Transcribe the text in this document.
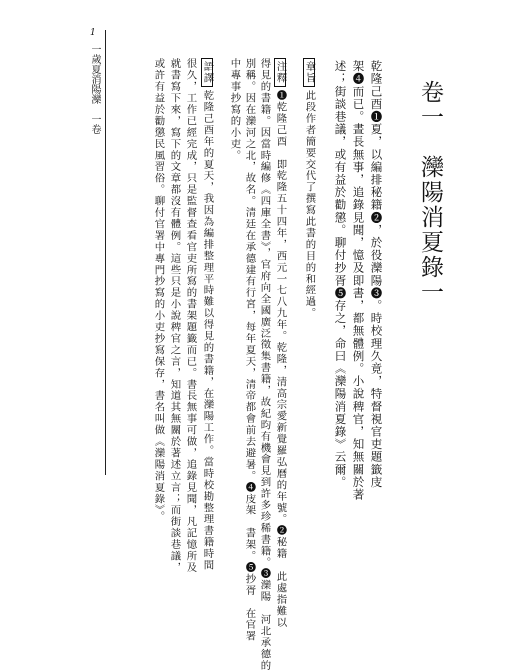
1
一歲夏消陽灤　一卷	卷一　灤陽消夏錄一
乾隆己酉❶夏，以編排秘籍❷，於役灤陽❸。時校理久竟，特督視官吏題籤庋
架❹而已。晝長無事，追錄見聞，憶及即書，都無體例。小說稗官，知無關於著
述；街談巷議，或有益於勸懲。聊付抄胥❺存之，命曰《灤陽消夏錄》云爾。
章旨此段作者簡要交代了撰寫此書的目的和經過。
注釋❶乾隆己酉　即乾隆五十四年，西元一七八九年。乾隆，清高宗愛新覺羅弘曆的年號。❷秘籍　此處指難以
得見的書籍。因當時編修《四庫全書》，官府向全國廣泛徵集書籍，故紀昀有機會見到許多珍稀書籍。❸灤陽　河北承德的
別稱。因在灤河之北，故名。清廷在承德建有行宮，每年夏天，清帝都會前去避暑。❹庋架　書架。❺抄胥　在官署
中專事抄寫的小吏。
語譯乾隆己酉年的夏天，我因為編排整理平時難以得見的書籍，在灤陽工作。當時校勘整理書籍時間
很久，工作已經完成，只是監督查看官吏所寫的書架題籤而已。書長無事可做，追錄見聞，凡記憶所及
就書寫下來，寫下的文章都沒有體例。這些只是小說稗官之言，知道其無關於著述立言；而街談巷議，
或許有益於勸懲民風習俗。聊付官署中專門抄寫的小吏抄寫保存，書名叫做《灤陽消夏錄》。
